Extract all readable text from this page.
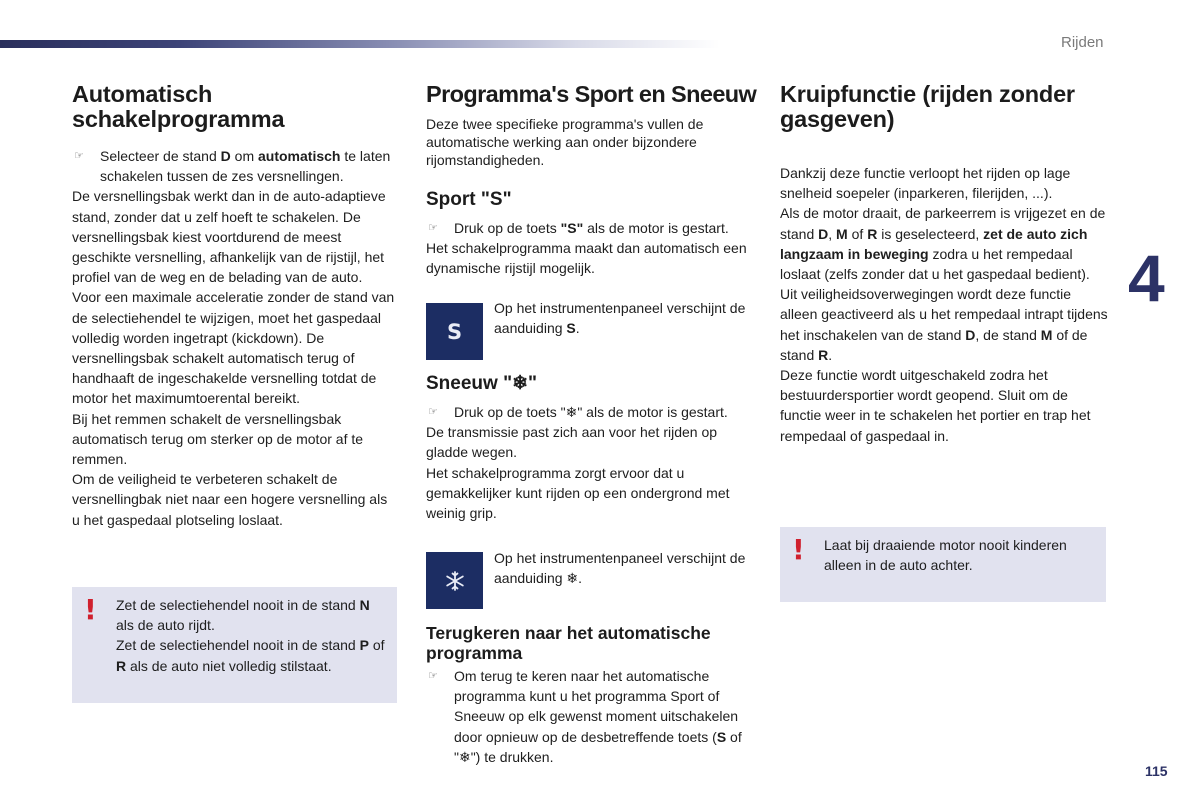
Rijden
4
115
Automatisch schakelprogramma
☞ Selecteer de stand D om automatisch te laten schakelen tussen de zes versnellingen.

De versnellingsbak werkt dan in de auto-adaptieve stand, zonder dat u zelf hoeft te schakelen. De versnellingsbak kiest voortdurend de meest geschikte versnelling, afhankelijk van de rijstijl, het profiel van de weg en de belading van de auto.

Voor een maximale acceleratie zonder de stand van de selectiehendel te wijzigen, moet het gaspedaal volledig worden ingetrapt (kickdown). De versnellingsbak schakelt automatisch terug of handhaaft de ingeschakelde versnelling totdat de motor het maximumtoerental bereikt.

Bij het remmen schakelt de versnellingsbak automatisch terug om sterker op de motor af te remmen.

Om de veiligheid te verbeteren schakelt de versnellingbak niet naar een hogere versnelling als u het gaspedaal plotseling loslaat.

! Zet de selectiehendel nooit in de stand N als de auto rijdt.

Zet de selectiehendel nooit in de stand P of R als de auto niet volledig stilstaat.

Programma's Sport en Sneeuw

Deze twee specifieke programma's vullen de automatische werking aan onder bijzondere rijomstandigheden.

Sport "S"
☞ Druk op de toets "S" als de motor is gestart.

Het schakelprogramma maakt dan automatisch een dynamische rijstijl mogelijk.

S
Op het instrumentenpaneel verschijnt de aanduiding S.
Sneeuw "❄"
☞ Druk op de toets "❄" als de motor is gestart.

De transmissie past zich aan voor het rijden op gladde wegen.

Het schakelprogramma zorgt ervoor dat u gemakkelijker kunt rijden op een ondergrond met weinig grip.

Op het instrumentenpaneel verschijnt de aanduiding ❄.
Terugkeren naar het automatische programma
☞ Om terug te keren naar het automatische programma kunt u het programma Sport of Sneeuw op elk gewenst moment uitschakelen door opnieuw op de desbetreffende toets (S of "❄") te drukken.
Kruipfunctie (rijden zonder gasgeven)

Dankzij deze functie verloopt het rijden op lage snelheid soepeler (inparkeren, filerijden, ...).

Als de motor draait, de parkeerrem is vrijgezet en de stand D, M of R is geselecteerd, zet de auto zich langzaam in beweging zodra u het rempedaal loslaat (zelfs zonder dat u het gaspedaal bedient).

Uit veiligheidsoverwegingen wordt deze functie alleen geactiveerd als u het rempedaal intrapt tijdens het inschakelen van de stand D, de stand M of de stand R.

Deze functie wordt uitgeschakeld zodra het bestuurdersportier wordt geopend. Sluit om de functie weer in te schakelen het portier en trap het rempedaal of gaspedaal in.

! Laat bij draaiende motor nooit kinderen alleen in de auto achter.
